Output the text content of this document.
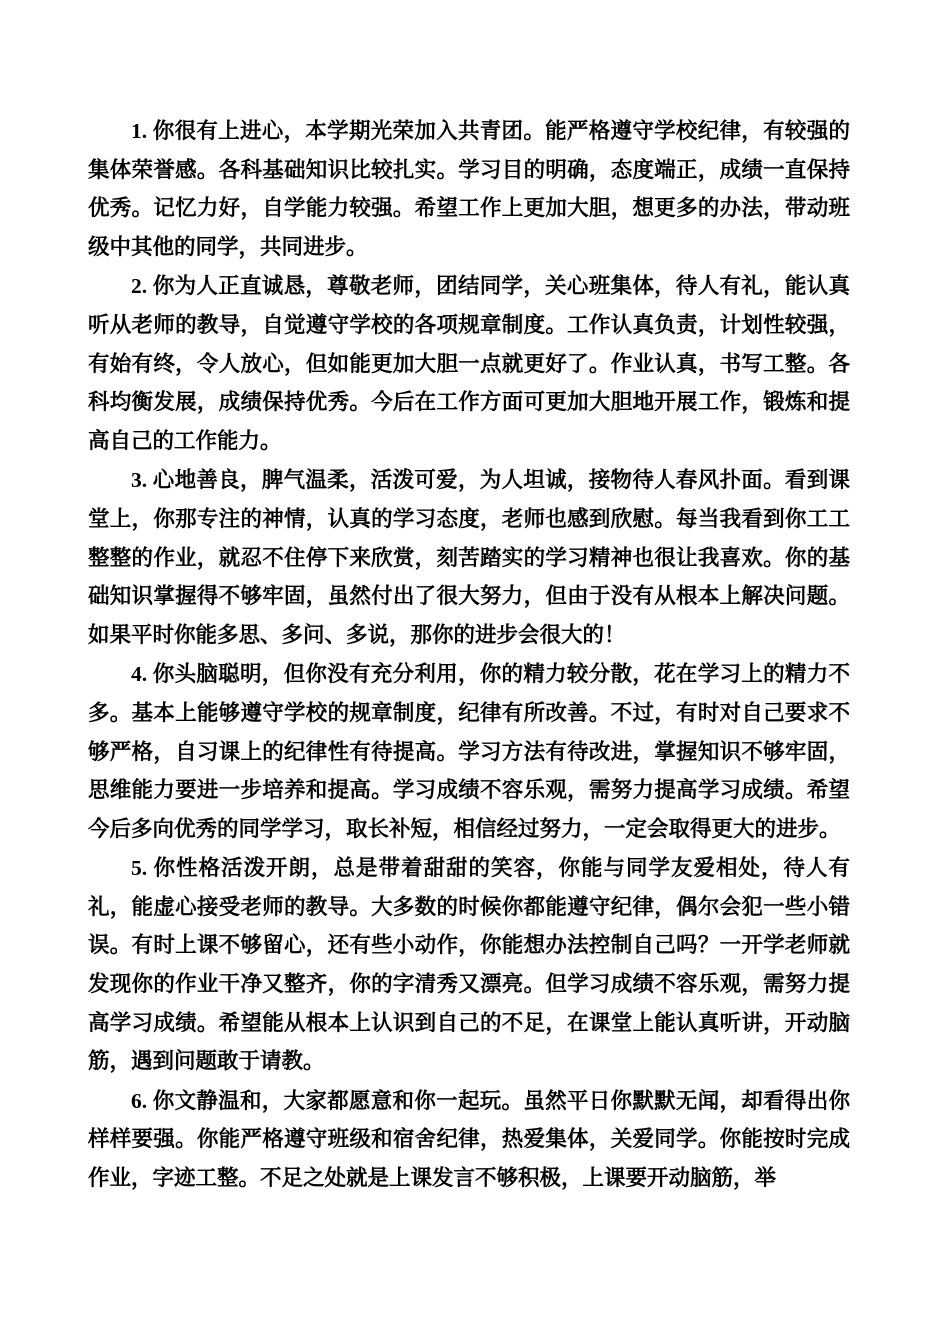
1. 你很有上进心，本学期光荣加入共青团。能严格遵守学校纪律，有较强的集体荣誉感。各科基础知识比较扎实。学习目的明确，态度端正，成绩一直保持优秀。记忆力好，自学能力较强。希望工作上更加大胆，想更多的办法，带动班级中其他的同学，共同进步。

2. 你为人正直诚恳，尊敬老师，团结同学，关心班集体，待人有礼，能认真听从老师的教导，自觉遵守学校的各项规章制度。工作认真负责，计划性较强，有始有终，令人放心，但如能更加大胆一点就更好了。作业认真，书写工整。各科均衡发展，成绩保持优秀。今后在工作方面可更加大胆地开展工作，锻炼和提高自己的工作能力。

3. 心地善良，脾气温柔，活泼可爱，为人坦诚，接物待人春风扑面。看到课堂上，你那专注的神情，认真的学习态度，老师也感到欣慰。每当我看到你工工整整的作业，就忍不住停下来欣赏，刻苦踏实的学习精神也很让我喜欢。你的基础知识掌握得不够牢固，虽然付出了很大努力，但由于没有从根本上解决问题。如果平时你能多思、多问、多说，那你的进步会很大的！

4. 你头脑聪明，但你没有充分利用，你的精力较分散，花在学习上的精力不多。基本上能够遵守学校的规章制度，纪律有所改善。不过，有时对自己要求不够严格，自习课上的纪律性有待提高。学习方法有待改进，掌握知识不够牢固，思维能力要进一步培养和提高。学习成绩不容乐观，需努力提高学习成绩。希望今后多向优秀的同学学习，取长补短，相信经过努力，一定会取得更大的进步。

5. 你性格活泼开朗，总是带着甜甜的笑容，你能与同学友爱相处，待人有礼，能虚心接受老师的教导。大多数的时候你都能遵守纪律，偶尔会犯一些小错误。有时上课不够留心，还有些小动作，你能想办法控制自己吗？一开学老师就发现你的作业干净又整齐，你的字清秀又漂亮。但学习成绩不容乐观，需努力提高学习成绩。希望能从根本上认识到自己的不足，在课堂上能认真听讲，开动脑筋，遇到问题敢于请教。

6. 你文静温和，大家都愿意和你一起玩。虽然平日你默默无闻，却看得出你样样要强。你能严格遵守班级和宿舍纪律，热爱集体，关爱同学。你能按时完成作业，字迹工整。不足之处就是上课发言不够积极，上课要开动脑筋，举
